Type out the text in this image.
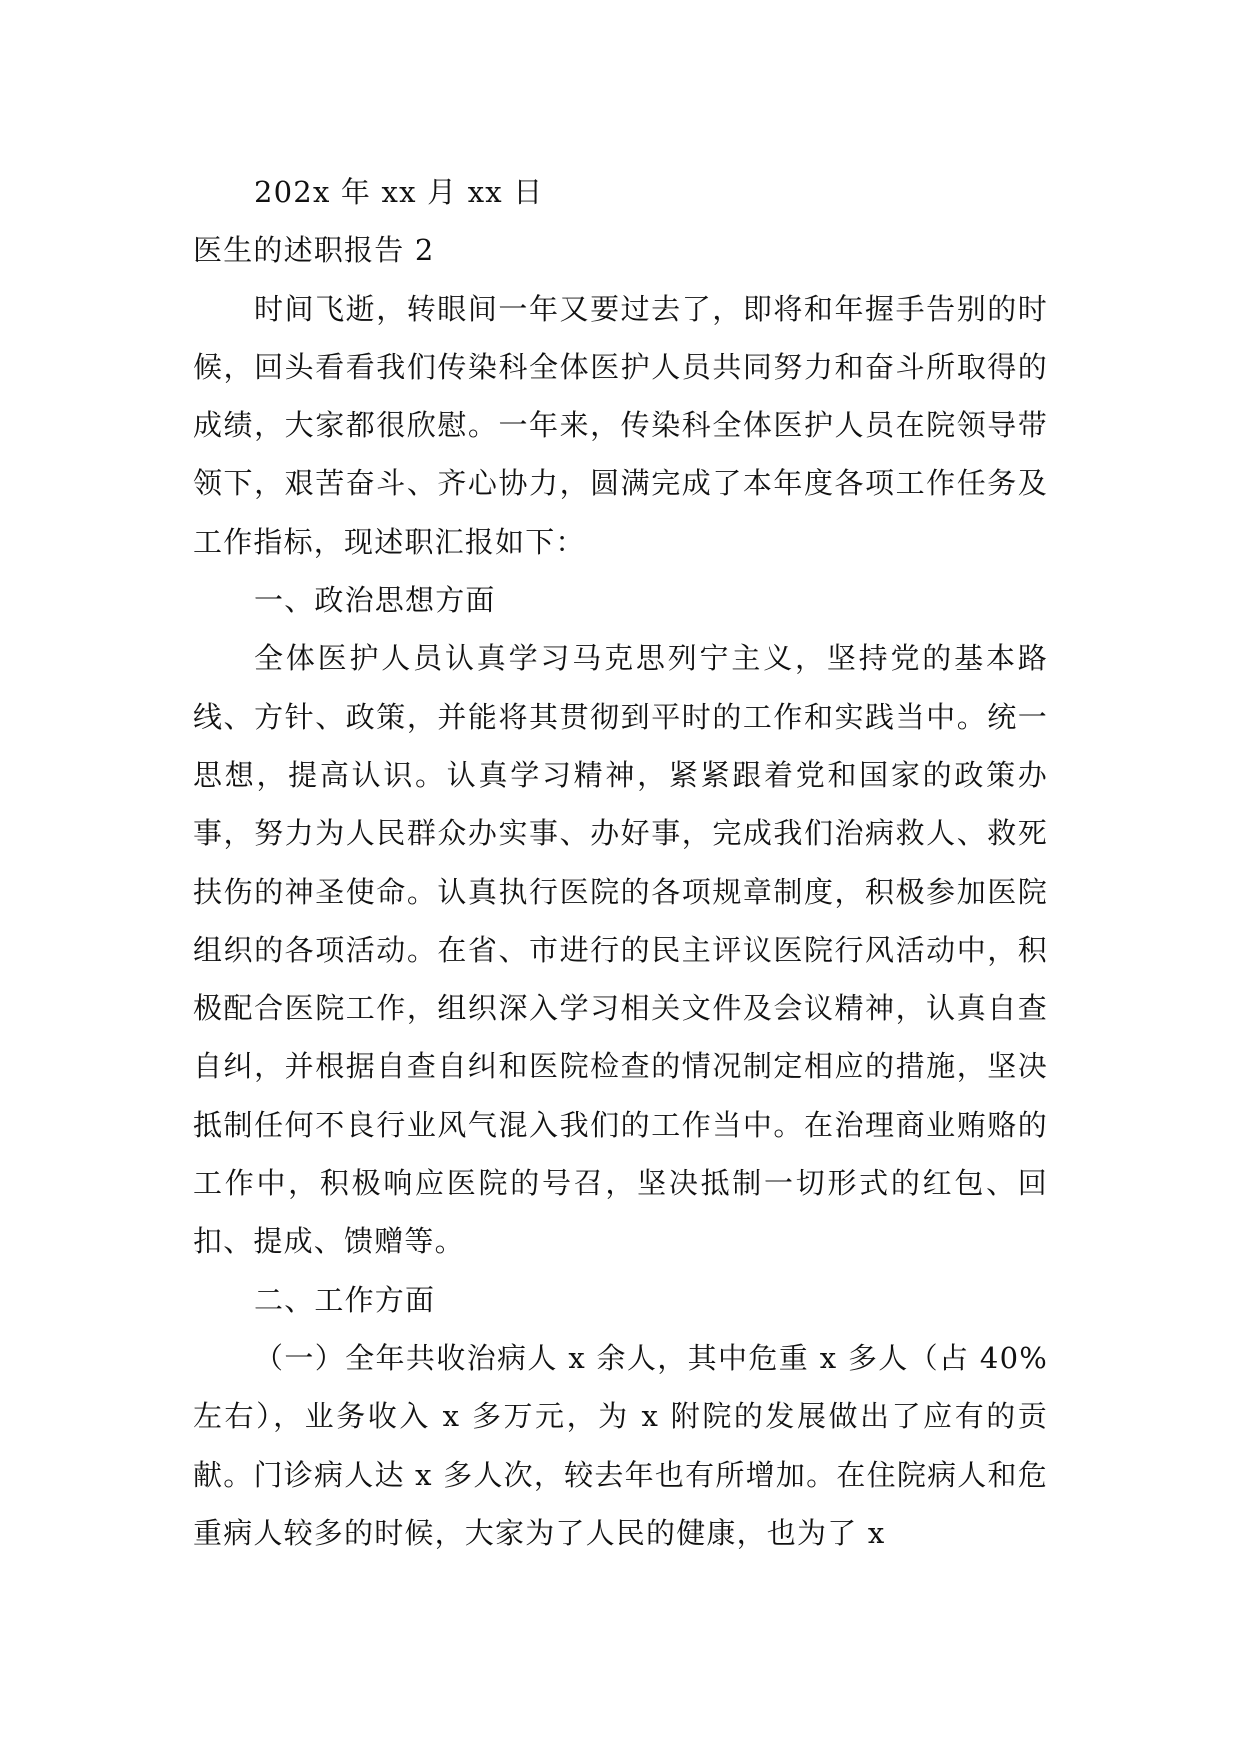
202x 年 xx 月 xx 日

医生的述职报告 2

时间飞逝，转眼间一年又要过去了，即将和年握手告别的时候，回头看看我们传染科全体医护人员共同努力和奋斗所取得的成绩，大家都很欣慰。一年来，传染科全体医护人员在院领导带领下，艰苦奋斗、齐心协力，圆满完成了本年度各项工作任务及工作指标，现述职汇报如下：

一、政治思想方面

全体医护人员认真学习马克思列宁主义，坚持党的基本路线、方针、政策，并能将其贯彻到平时的工作和实践当中。统一思想，提高认识。认真学习精神，紧紧跟着党和国家的政策办事，努力为人民群众办实事、办好事，完成我们治病救人、救死扶伤的神圣使命。认真执行医院的各项规章制度，积极参加医院组织的各项活动。在省、市进行的民主评议医院行风活动中，积极配合医院工作，组织深入学习相关文件及会议精神，认真自查自纠，并根据自查自纠和医院检查的情况制定相应的措施，坚决抵制任何不良行业风气混入我们的工作当中。在治理商业贿赂的工作中，积极响应医院的号召，坚决抵制一切形式的红包、回扣、提成、馈赠等。

二、工作方面

（一）全年共收治病人 x 余人，其中危重 x 多人（占 40%左右），业务收入 x 多万元，为 x 附院的发展做出了应有的贡献。门诊病人达 x 多人次，较去年也有所增加。在住院病人和危重病人较多的时候，大家为了人民的健康，也为了 x
